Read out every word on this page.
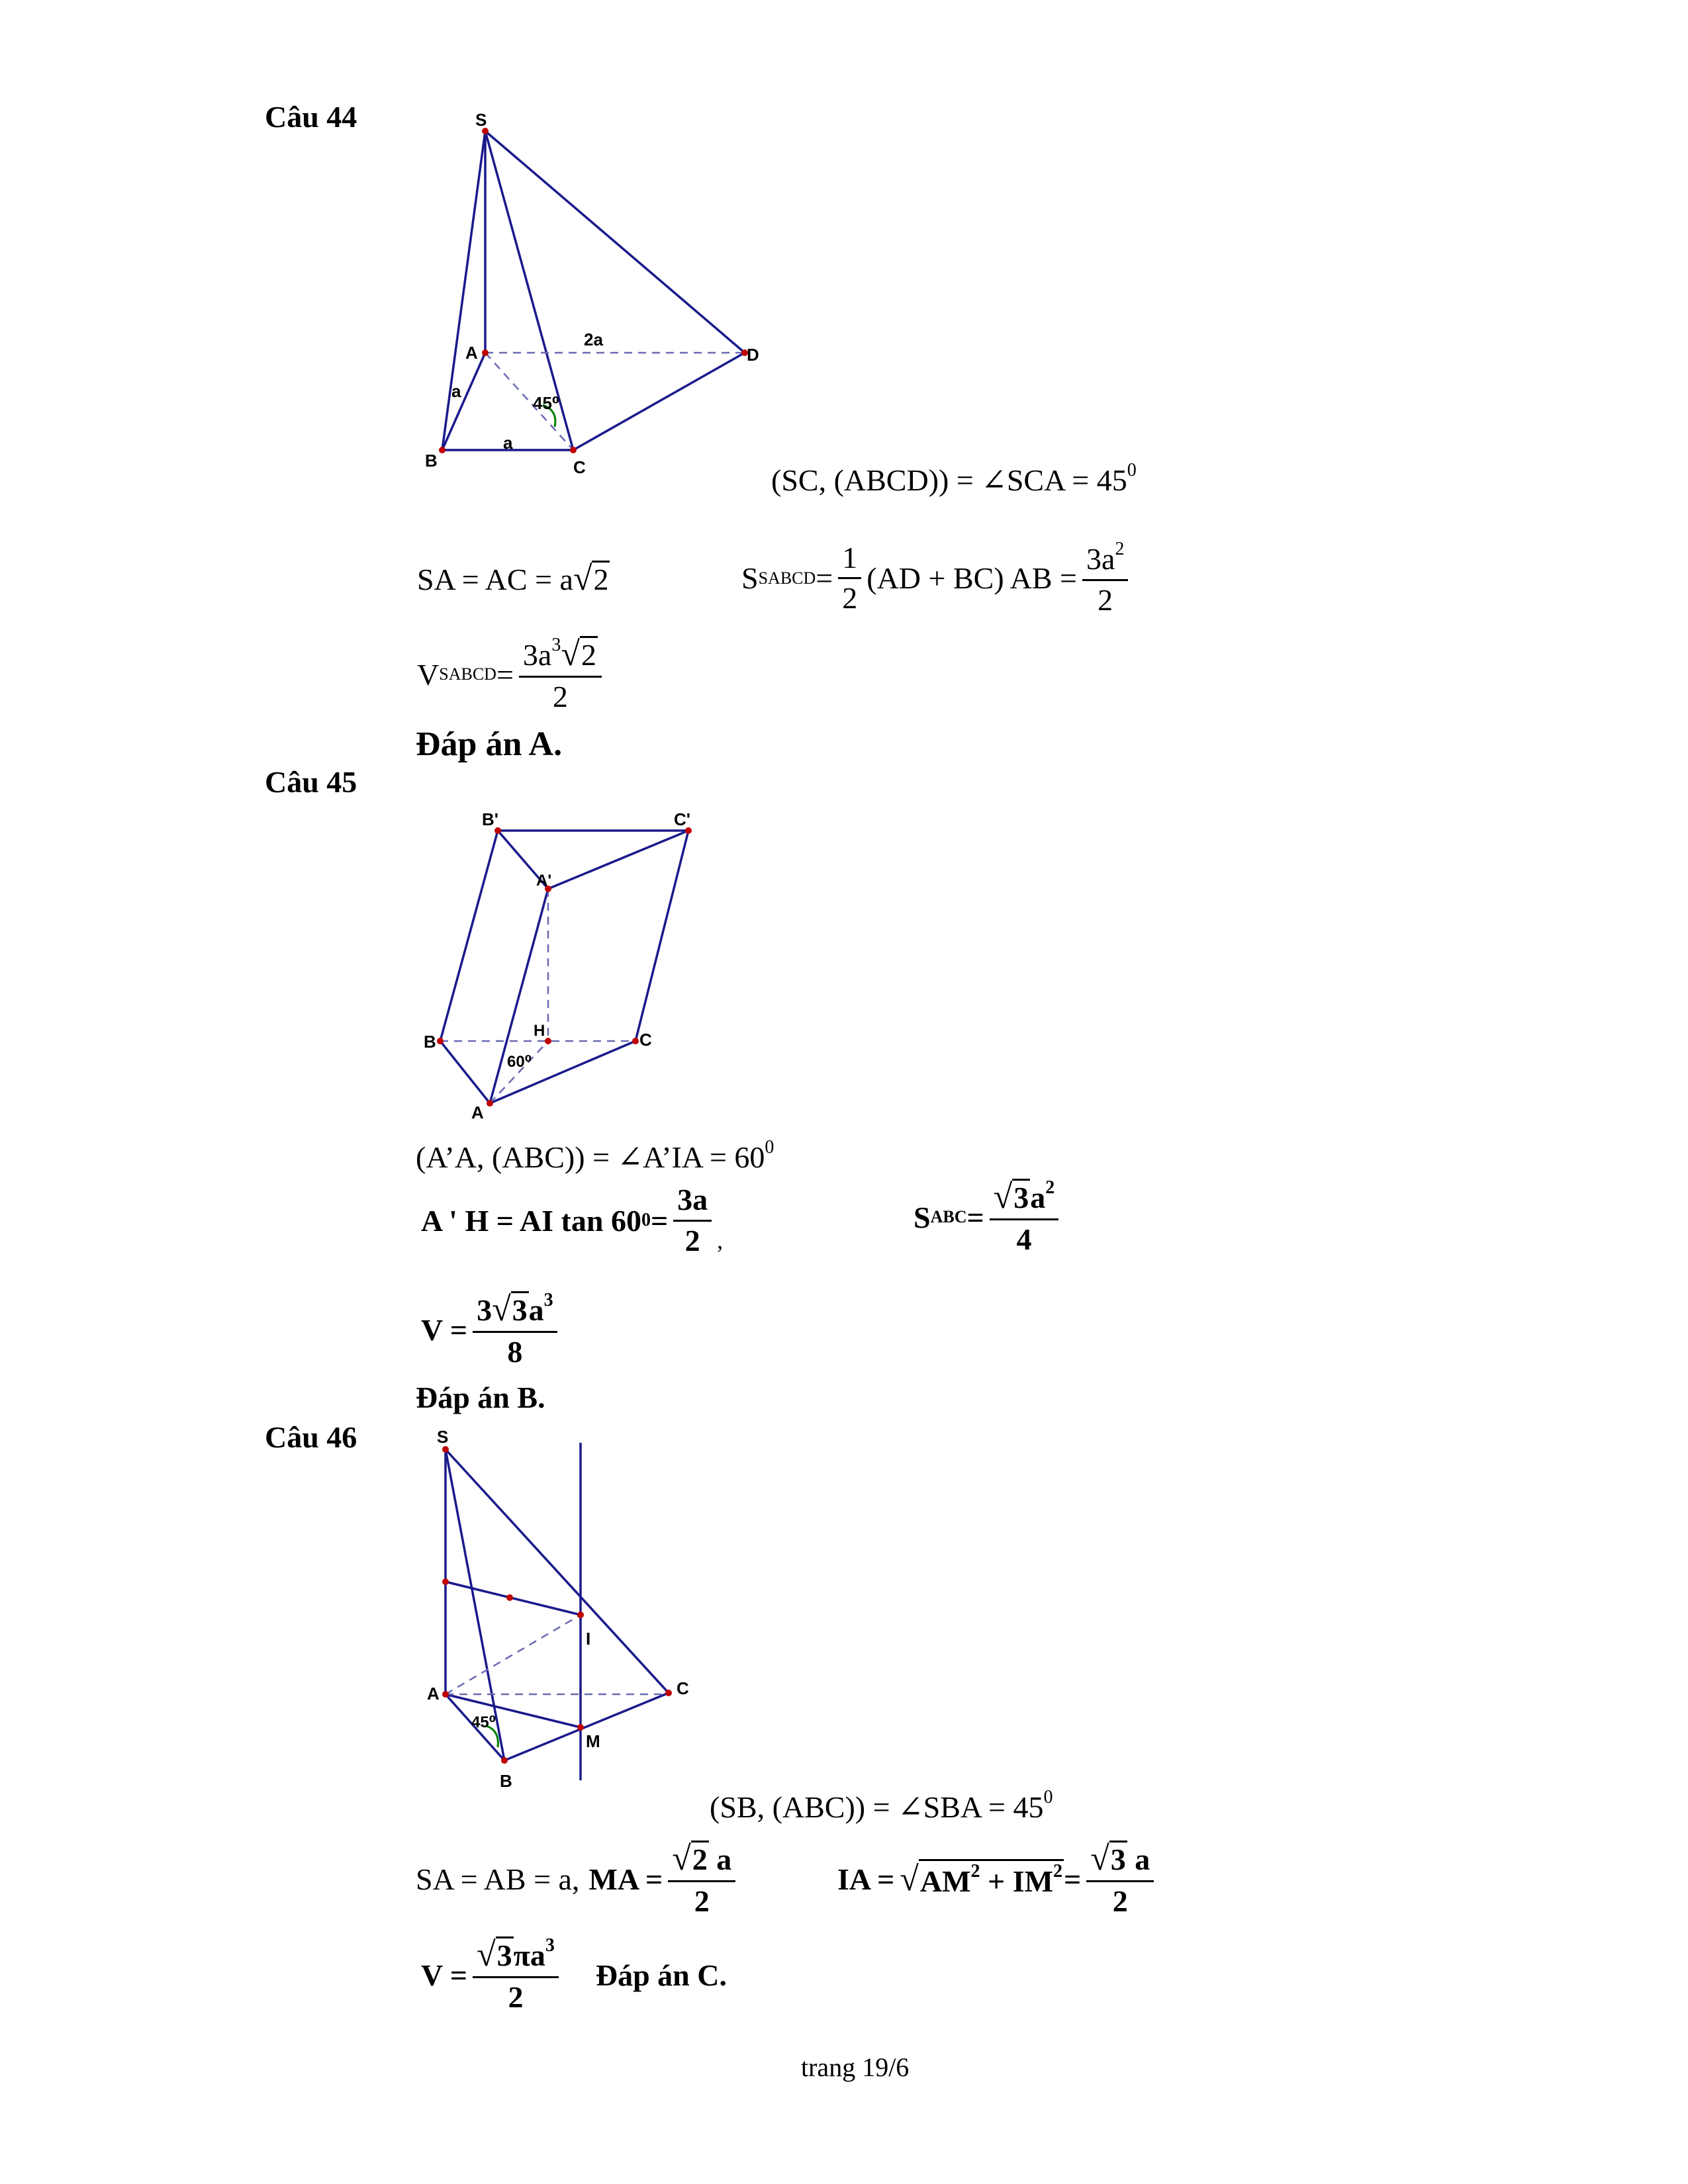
Câu 44	S
A
B	C
D
a
a
2a
45⁰
B'	C'
A'
B
H	C
A
60⁰
S
I
A	C
M
B
45⁰
(SC, (ABCD)) = ∠SCA = $45^0$
SA = AC = a√2	S SABCD = $\frac{1}{2} (AD + BC)$ AB = $\frac{3a^2}{2}$
V SABCD = $\frac{3a^3√2}{2}$
Đáp án A.
Câu 45
(A’A, (ABC)) = ∠A’IA = $60^0$
A ' H = AI tan 60 $0 = \frac{3a}{2}$ ,
S ABC = $\frac{√3a^2}{4}$
$V = \frac{3√3a^3}{8}$
Đáp án B.
Câu 46
(SB, (ABC)) = ∠SBA = $45^0$
SA = AB = a, MA = $\frac{√2 a}{2}$	IA = √ $AM^2 + IM^2 = \frac{√3 a}{2}$
$V = \frac{√3\pi a^3}{2}$ Đáp án C.
trang 19/6
